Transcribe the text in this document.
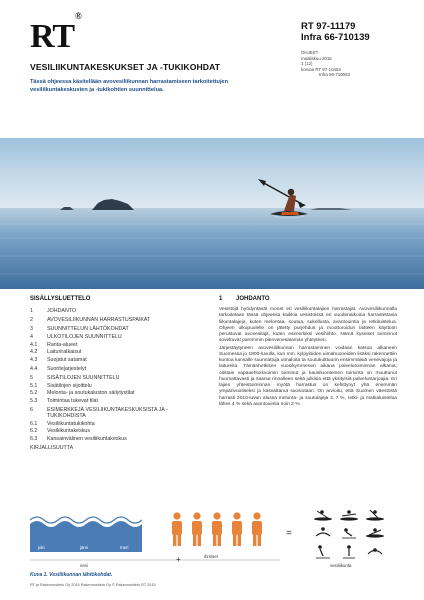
RT®
RT 97-11179
Infra 66-710139
OHJEET
maaliskuu 2015
1 (12)
korvaa RT 97-10454
Infra 66-710063
VESILIIKUNTAKESKUKSET JA -TUKIKOHDAT
Tässä ohjeessa käsitellään avovesiliikunnan harrastamiseen tarkoitettujen vesiliikuntakeskusten ja -tukikohtien suunnittelua.
SISÄLLYSLUETTELO
1	JOHDANTO
2	AVOVESILIIKUNNAN HARRASTUSPAIKAT
3	SUUNNITTELUN LÄHTÖKOHDAT
4	ULKOTILOJEN SUUNNITTELU
4.1	Ranta-alueet
4.2	Laituriratkaisut
4.3	Suojatut satamat
4.4	Suoritejarjestelyt
5	SISÄTILOJEN SUUNNITTELU
5.1	Sisätilojen sijoittelu
5.2	Melonta- ja soutukaluston säilytystilat
5.3	Toimintaa tukevat tilat
6	ESIMERKKEJÄ VESILIIKUNTAKESKUKSISTA JA -TUKIKOHDISTA
6.1	Vesiliikuntatukikohta
6.2	Vesiliikuntakeskus
6.3	Kansainvälinen vesiliikuntakeskus
KIRJALLISUUTTA
1	JOHDANTO

Vesistöjä hyödyntävät monet eri vesiliikuntalajien harrastajat. Avovesiliikunnalla tarkoitetaan tässä ohjeessa kaikkia vesistöissä eri vuodenaikoina harrastettavia liikuntalajeja, kuten melontaa, soutua, sukellusta, avantouintia ja retkiluistelua. Ohjeen ulkopuolelle on jätetty purjehdus ja moottoroidun laitteen käyttöön perustuvat avovesilajit, kuten esimerkiksi vesihiihto. Nämä kyseiset toiminnot soveltuvat paremmin pienvenesataman yhteyteen.

Järjestäytyneen avovesiliikunnan harrastaminen voidaan katsoa alkaneen Suomessa jo 1800-luvulla, kun mm. kylpylöiden uimahuoneiden lisäksi rakennettiin kuntoa kansalle suunnattuja uimaloita ta soutukulttuurin ensimmäisiä venevajoja ja laitureita. Tämänhetkisen vuosikymmenen aikana palvelutoiminnan alkanut, osittain vapaaehtoisvoimin toiminut ja kausiluonteinen toiminta on muuttunut huomattavasti ja saanut rinnalleen sekä julkisia että yksityisiä palveluntarjoajia. Eri lajien yhteistoiminnan myötä harrastus on kehittynyt yhä enemmän ympärivuotiseksi ja kasvattanut suosiotaan. On arvioitu, että Suomen väestöstä harrasti 2010-luvun alussa melonta- ja soutulajeja 2..7 %, retki- ja matkaluistelua lähes 4 % sekä avantouintia noin 2 %.

+
=
joki	järvi	meri
vesi
ihmiset
vesiliikunta
Kuva 1. Vesiliikunnan lähtökohdat.
RT ja Rakennustieto Oy 2015 Rakennustieto Oy © Rakennustieto RT 2015
